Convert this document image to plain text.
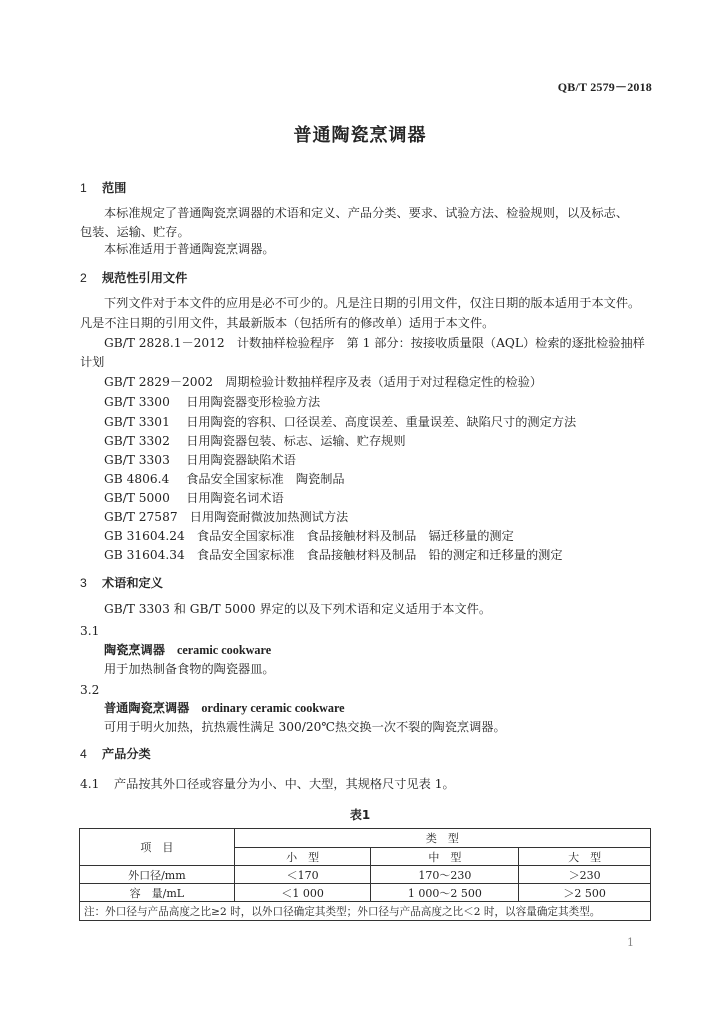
QB/T 2579－2018
普通陶瓷烹调器
1 范围
本标准规定了普通陶瓷烹调器的术语和定义、产品分类、要求、试验方法、检验规则，以及标志、
包装、运输、贮存。
本标准适用于普通陶瓷烹调器。
2 规范性引用文件
下列文件对于本文件的应用是必不可少的。凡是注日期的引用文件，仅注日期的版本适用于本文件。
凡是不注日期的引用文件，其最新版本（包括所有的修改单）适用于本文件。
GB/T 2828.1－2012　计数抽样检验程序　第 1 部分：按接收质量限（AQL）检索的逐批检验抽样
计划
GB/T 2829－2002　 周期检验计数抽样程序及表（适用于对过程稳定性的检验）
GB/T 3300　 日用陶瓷器变形检验方法
GB/T 3301　 日用陶瓷的容积、口径误差、高度误差、重量误差、缺陷尺寸的测定方法
GB/T 3302　 日用陶瓷器包装、标志、运输、贮存规则
GB/T 3303　 日用陶瓷器缺陷术语
GB 4806.4　 食品安全国家标准　陶瓷制品
GB/T 5000　 日用陶瓷名词术语
GB/T 27587　 日用陶瓷耐微波加热测试方法
GB 31604.24　 食品安全国家标准　食品接触材料及制品　镉迁移量的测定
GB 31604.34　 食品安全国家标准　食品接触材料及制品　铅的测定和迁移量的测定
3 术语和定义
GB/T 3303 和 GB/T 5000 界定的以及下列术语和定义适用于本文件。
3.1
陶瓷烹调器 ceramic cookware
用于加热制备食物的陶瓷器皿。
3.2
普通陶瓷烹调器 ordinary ceramic cookware
可用于明火加热，抗热震性满足 300/20℃热交换一次不裂的陶瓷烹调器。
4 产品分类
4.1 产品按其外口径或容量分为小、中、大型，其规格尺寸见表 1。
表1
项　目	类　型		
	小　型	中　型	大　型
外口径/mm	＜170	170～230	＞230
容　量/mL	＜1 000	1 000～2 500	＞2 500
注：外口径与产品高度之比≥2 时，以外口径确定其类型；外口径与产品高度之比＜2 时，以容量确定其类型。			
1
